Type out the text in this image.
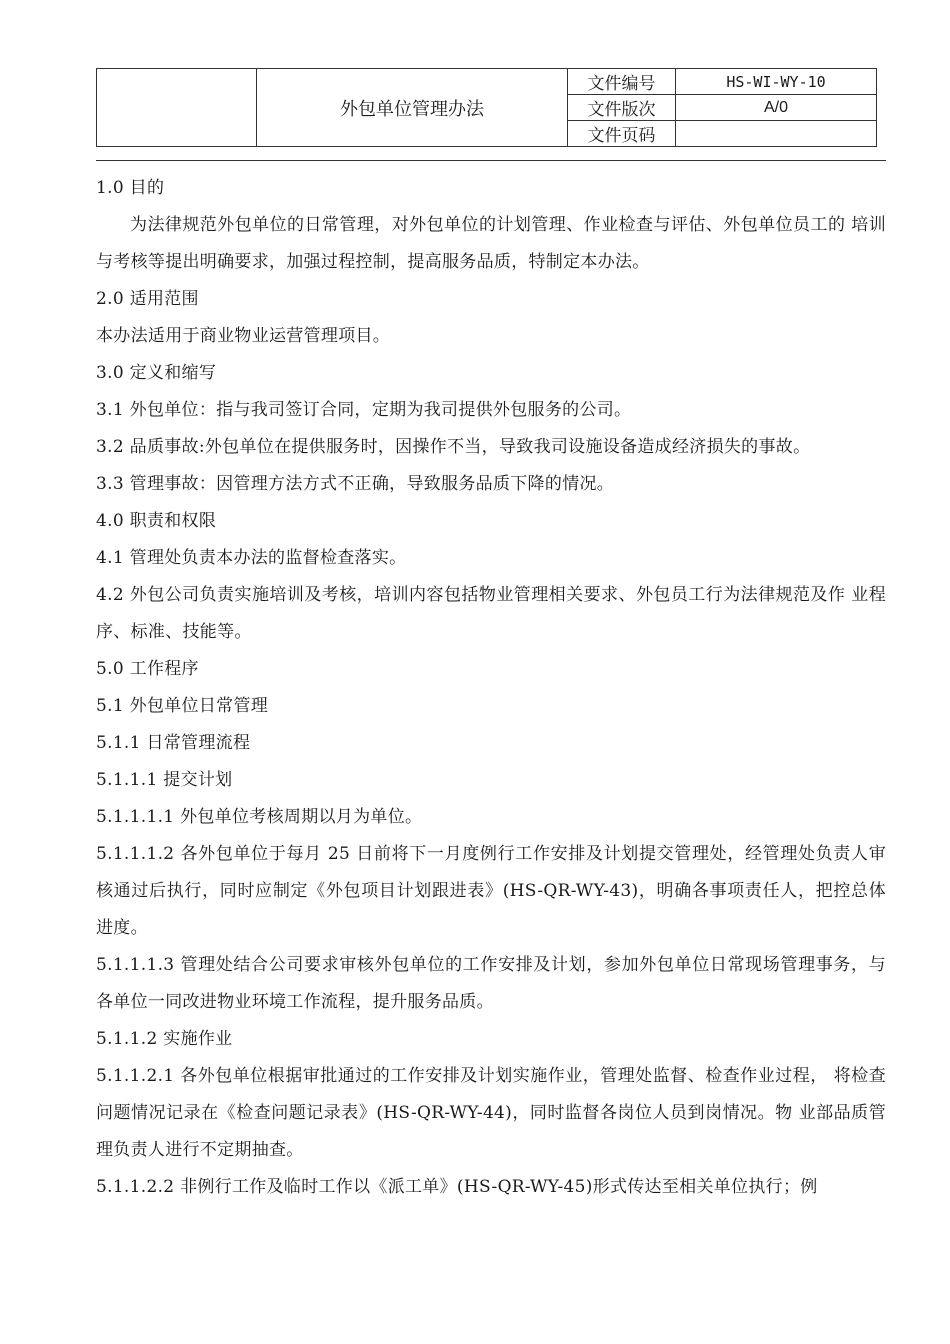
	外包单位管理办法	文件编号	HS-WI-WY-10
		文件版次	A/0
		文件页码	

1.0 目的

为法律规范外包单位的日常管理，对外包单位的计划管理、作业检查与评估、外包单位员工的 培训与考核等提出明确要求，加强过程控制，提高服务品质，特制定本办法。

2.0 适用范围

本办法适用于商业物业运营管理项目。

3.0 定义和缩写

3.1 外包单位：指与我司签订合同，定期为我司提供外包服务的公司。

3.2 品质事故:外包单位在提供服务时，因操作不当，导致我司设施设备造成经济损失的事故。

3.3 管理事故：因管理方法方式不正确，导致服务品质下降的情况。

4.0 职责和权限

4.1 管理处负责本办法的监督检查落实。

4.2 外包公司负责实施培训及考核，培训内容包括物业管理相关要求、外包员工行为法律规范及作 业程序、标准、技能等。

5.0 工作程序

5.1 外包单位日常管理

5.1.1 日常管理流程

5.1.1.1 提交计划

5.1.1.1.1 外包单位考核周期以月为单位。

5.1.1.1.2 各外包单位于每月 25 日前将下一月度例行工作安排及计划提交管理处，经管理处负责人审核通过后执行，同时应制定《外包项目计划跟进表》(HS-QR-WY-43)，明确各事项责任人，把控总体进度。

5.1.1.1.3 管理处结合公司要求审核外包单位的工作安排及计划，参加外包单位日常现场管理事务，与各单位一同改进物业环境工作流程，提升服务品质。

5.1.1.2 实施作业

5.1.1.2.1 各外包单位根据审批通过的工作安排及计划实施作业，管理处监督、检查作业过程， 将检查问题情况记录在《检查问题记录表》(HS-QR-WY-44)，同时监督各岗位人员到岗情况。物 业部品质管理负责人进行不定期抽查。

5.1.1.2.2 非例行工作及临时工作以《派工单》(HS-QR-WY-45)形式传达至相关单位执行；例
